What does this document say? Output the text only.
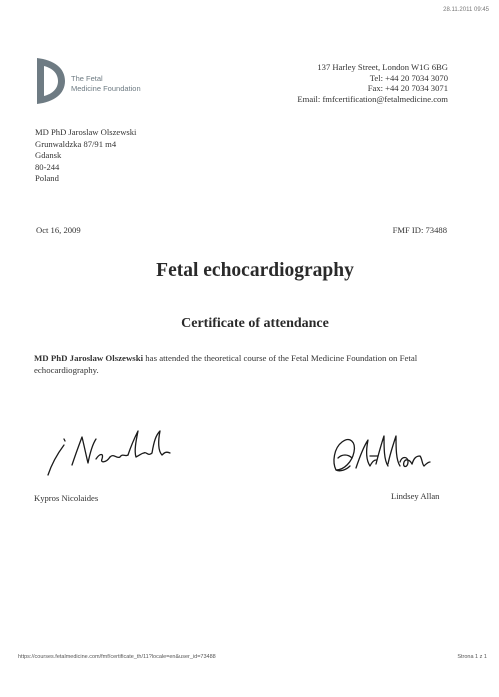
28.11.2011 09:45
The Fetal
Medicine Foundation
137 Harley Street, London W1G 6BG
Tel: +44 20 7034 3070
Fax: +44 20 7034 3071
Email: fmfcertification@fetalmedicine.com
MD PhD Jaroslaw Olszewski
Grunwaldzka 87/91 m4
Gdansk
80-244
Poland
Oct 16, 2009	FMF ID: 73488
Fetal echocardiography
Certificate of attendance
MD PhD Jaroslaw Olszewski has attended the theoretical course of the Fetal Medicine Foundation on Fetal echocardiography.
Kypros Nicolaides	Lindsey Allan
https://courses.fetalmedicine.com/fmf/certificate_th/11?locale=en&user_id=73488	Strona 1 z 1
